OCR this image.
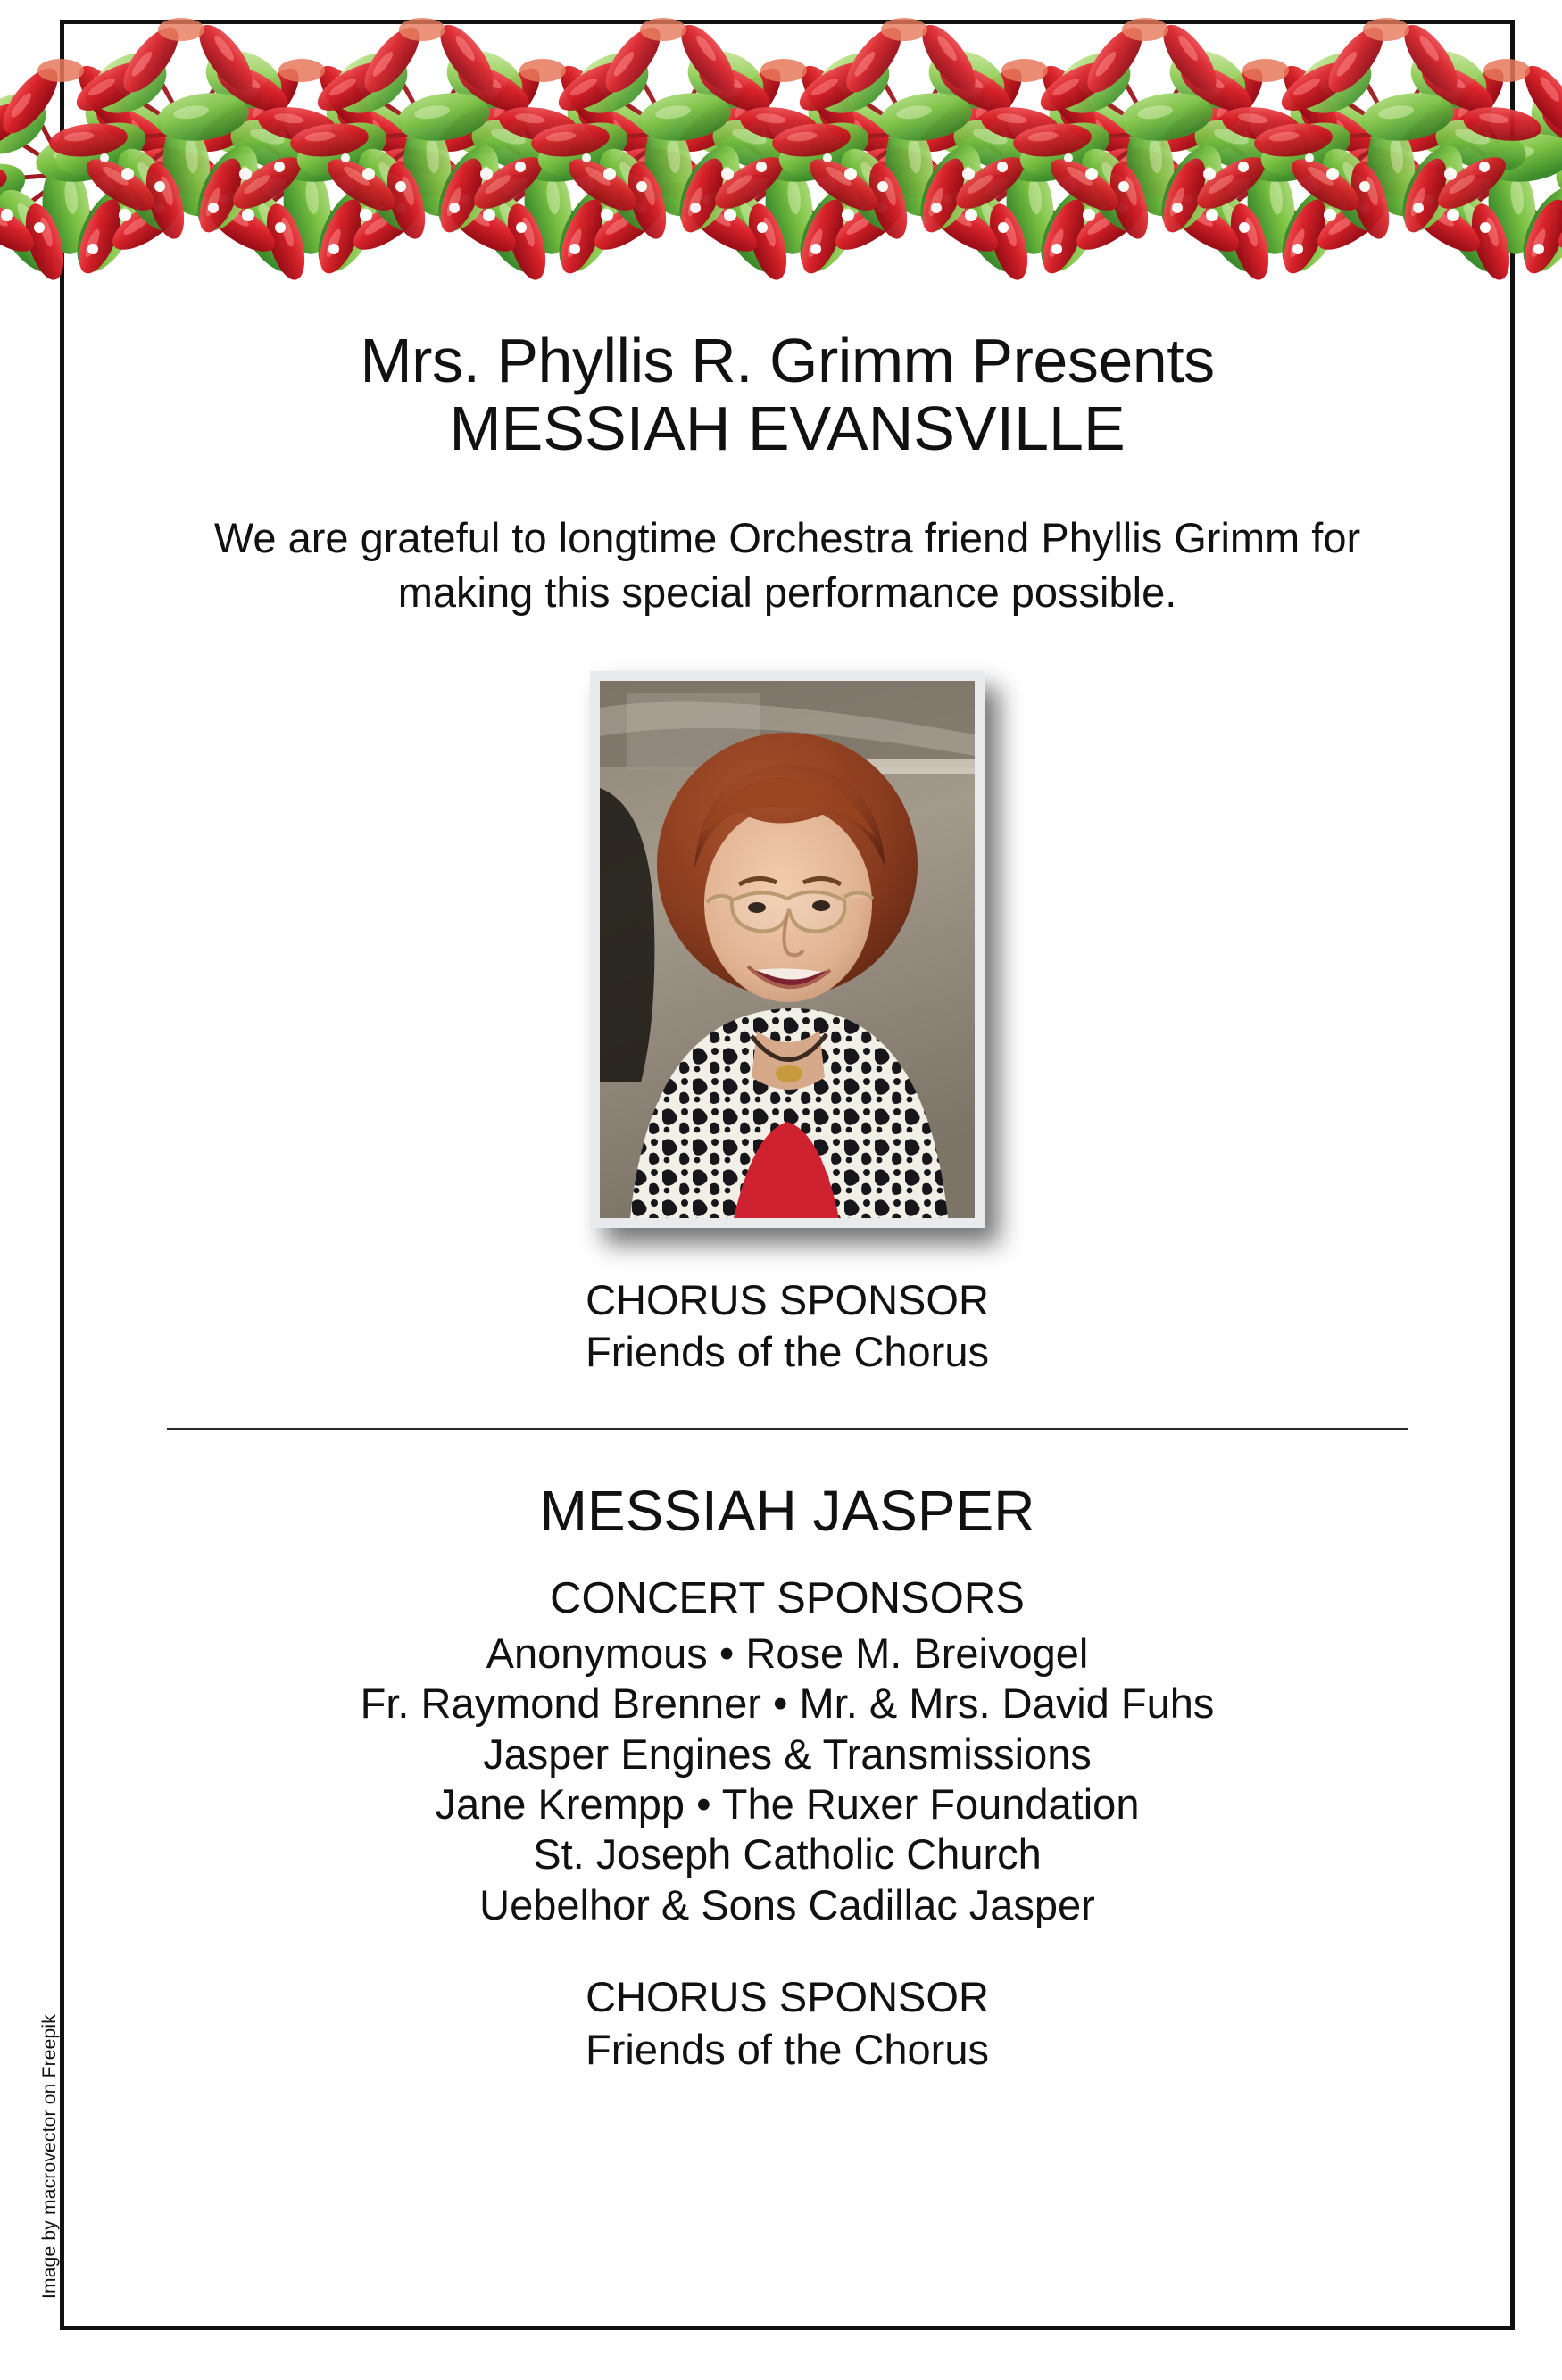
Image by macrovector on Freepik
Mrs. Phyllis R. Grimm Presents
MESSIAH EVANSVILLE
We are grateful to longtime Orchestra friend Phyllis Grimm for making this special performance possible.
CHORUS SPONSOR
Friends of the Chorus
MESSIAH JASPER
CONCERT SPONSORS
Anonymous • Rose M. Breivogel
Fr. Raymond Brenner • Mr. & Mrs. David Fuhs
Jasper Engines & Transmissions
Jane Krempp • The Ruxer Foundation
St. Joseph Catholic Church
Uebelhor & Sons Cadillac Jasper
CHORUS SPONSOR
Friends of the Chorus
